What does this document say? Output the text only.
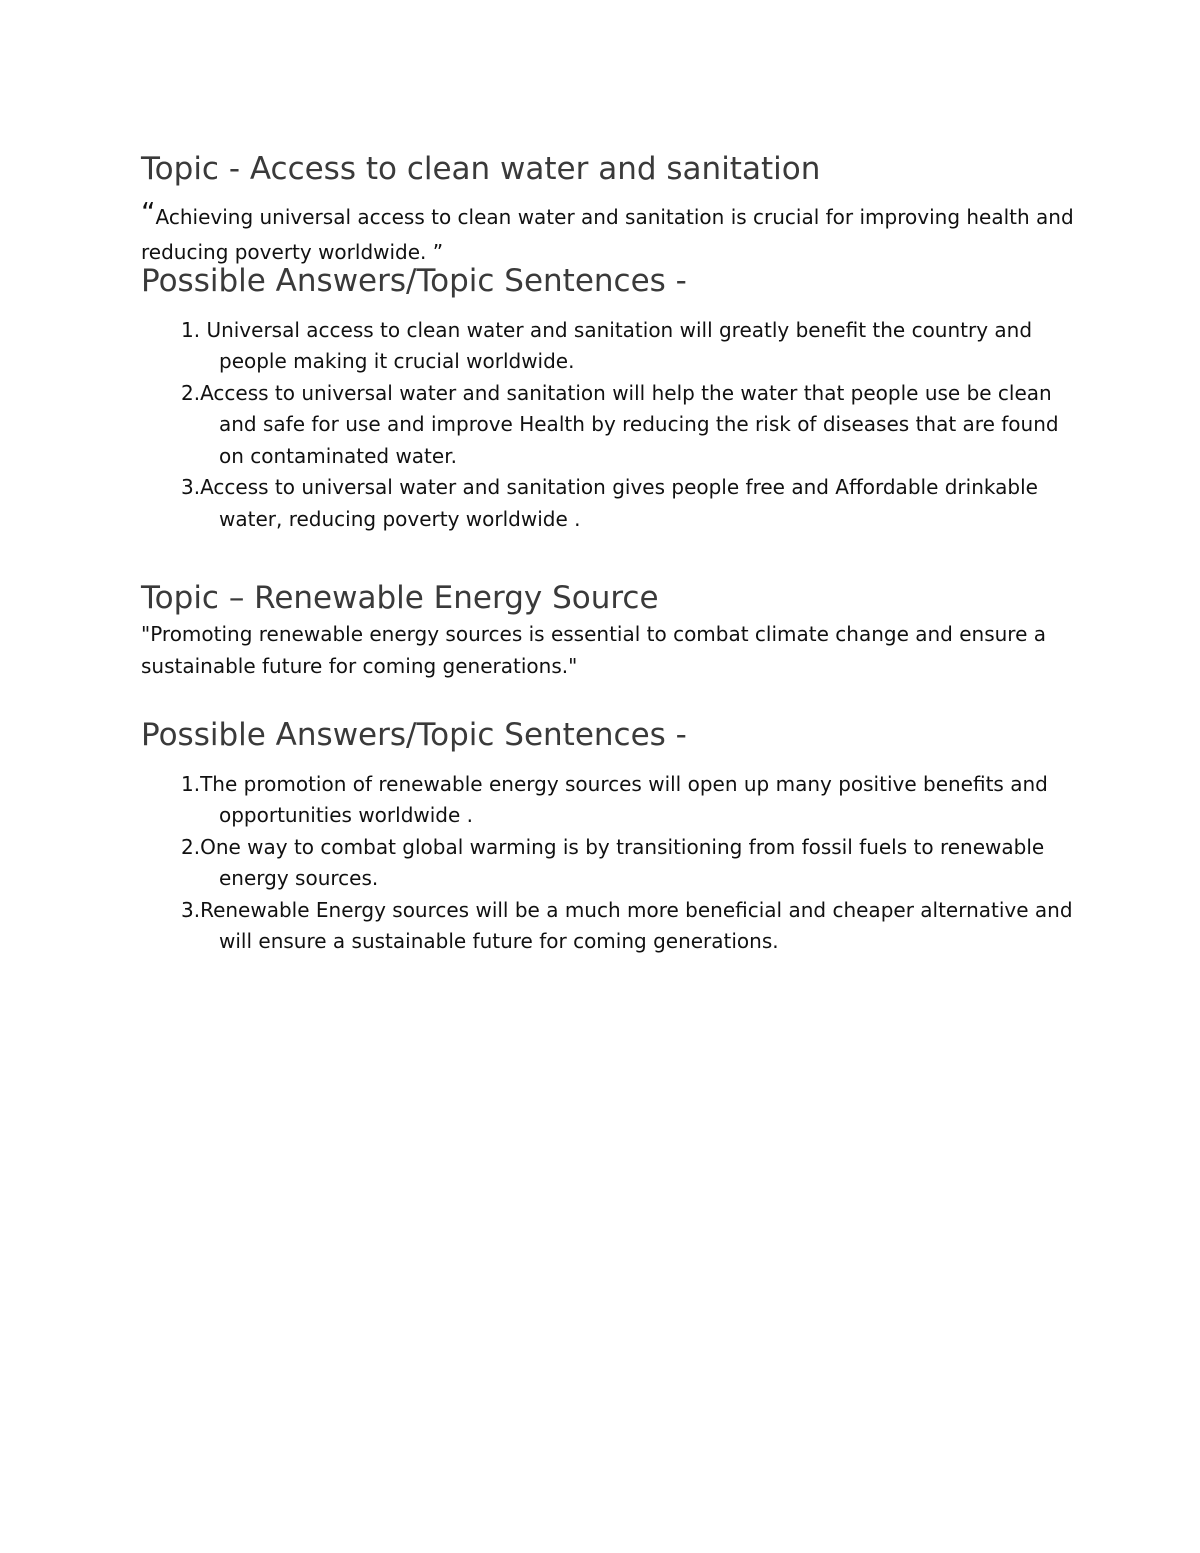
Topic - Access to clean water and sanitation

“Achieving universal access to clean water and sanitation is crucial for improving health and reducing poverty worldwide. ”

Possible Answers/Topic Sentences -
1. Universal access to clean water and sanitation will greatly benefit the country and people making it crucial worldwide.
2.Access to universal water and sanitation will help the water that people use be clean and safe for use and improve Health by reducing the risk of diseases that are found on contaminated water.
3.Access to universal water and sanitation gives people free and Affordable drinkable water, reducing poverty worldwide .
Topic – Renewable Energy Source

"Promoting renewable energy sources is essential to combat climate change and ensure a sustainable future for coming generations."

Possible Answers/Topic Sentences -
1.The promotion of renewable energy sources will open up many positive benefits and opportunities worldwide .
2.One way to combat global warming is by transitioning from fossil fuels to renewable energy sources.
3.Renewable Energy sources will be a much more beneficial and cheaper alternative and will ensure a sustainable future for coming generations.
